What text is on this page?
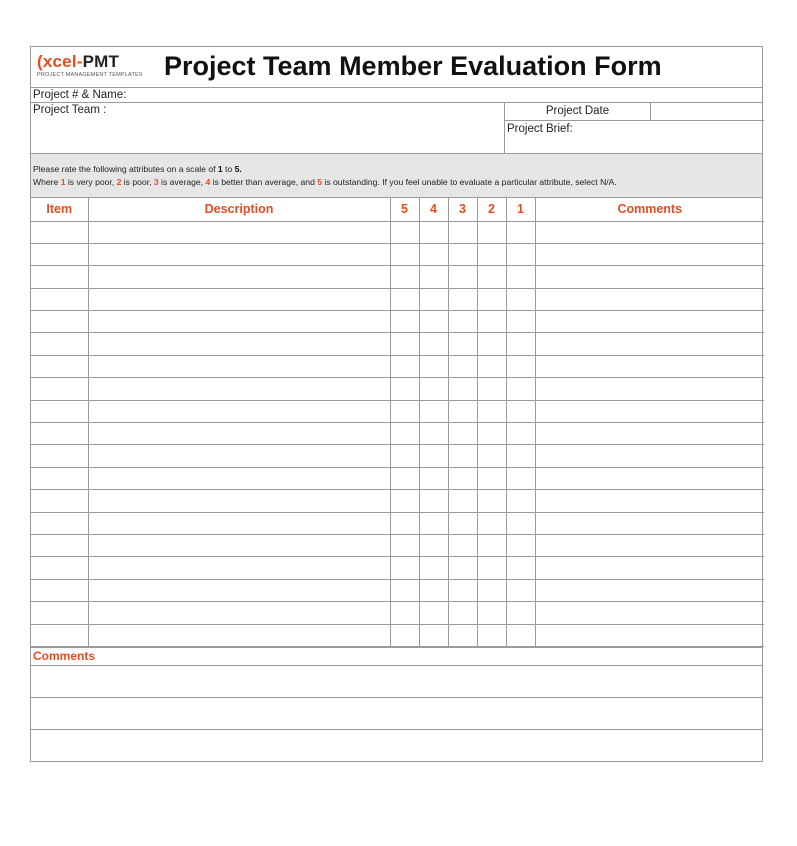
(xcel-PMT
PROJECT MANAGEMENT TEMPLATES Project Team Member Evaluation Form
Project # & Name:
Project Team :	Project Date
Project Brief:
Please rate the following attributes on a scale of 1 to 5.
Where 1 is very poor, 2 is poor, 3 is average, 4 is better than average, and 5 is outstanding. If you feel unable to evaluate a particular attribute, select N/A.
Item	Description	5	4	3	2	1	Comments

Comments
